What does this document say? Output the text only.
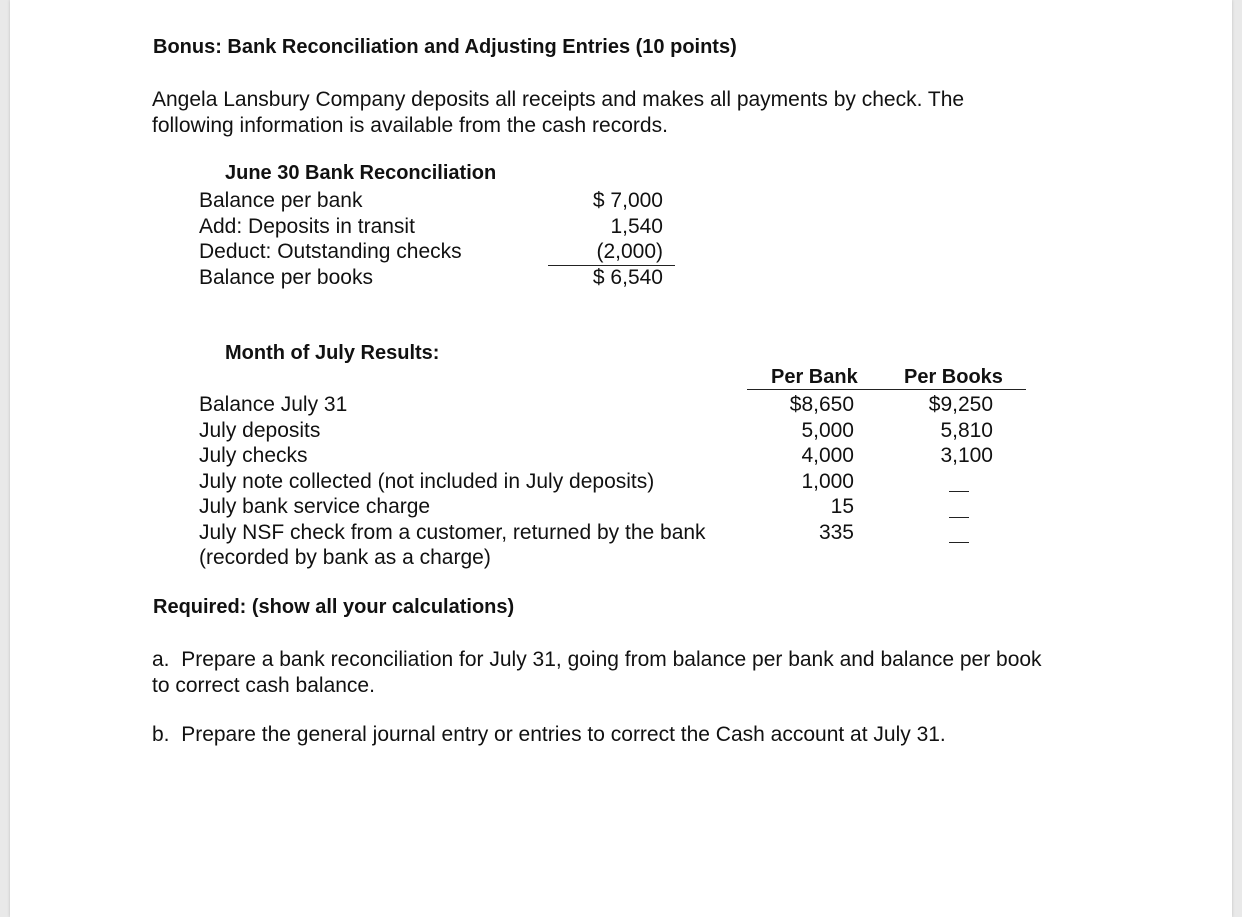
Bonus: Bank Reconciliation and Adjusting Entries (10 points)
Angela Lansbury Company deposits all receipts and makes all payments by check. The following information is available from the cash records.
June 30 Bank Reconciliation
Balance per bank
Add: Deposits in transit
Deduct: Outstanding checks
Balance per books
$ 7,000
1,540
(2,000)
$ 6,540
Month of July Results:
Per Bank	Per Books
Balance July 31
July deposits
July checks
July note collected (not included in July deposits)
July bank service charge
July NSF check from a customer, returned by the bank
(recorded by bank as a charge)
$8,650
5,000
4,000
1,000
15
335
$9,250
5,810
3,100
Required: (show all your calculations)
a. Prepare a bank reconciliation for July 31, going from balance per bank and balance per book to correct cash balance.
b. Prepare the general journal entry or entries to correct the Cash account at July 31.
